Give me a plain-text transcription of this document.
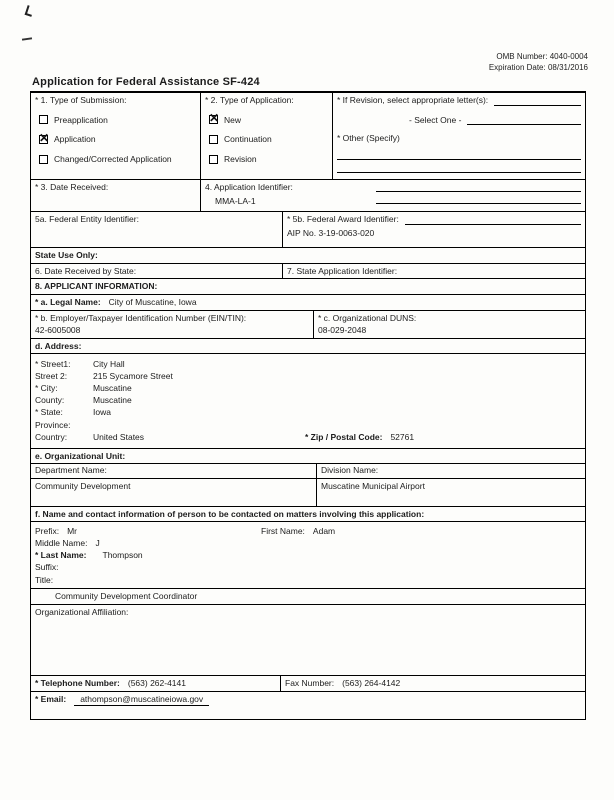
OMB Number: 4040-0004
Expiration Date: 08/31/2016
Application for Federal Assistance SF-424
* 1. Type of Submission:
Preapplication
✕ Application
Changed/Corrected Application
* 2. Type of Application:
✕ New
Continuation
Revision
* If Revision, select appropriate letter(s):
- Select One -
* Other (Specify)
* 3. Date Received:	4. Application Identifier:
MMA-LA-1
5a. Federal Entity Identifier:	* 5b. Federal Award Identifier:
AIP No. 3-19-0063-020
State Use Only:
6. Date Received by State:	7. State Application Identifier:
8. APPLICANT INFORMATION:
* a. Legal Name: City of Muscatine, Iowa
* b. Employer/Taxpayer Identification Number (EIN/TIN):
42-6005008
* c. Organizational DUNS:
08-029-2048
d. Address:
* Street1:	City Hall
Street 2:	215 Sycamore Street
* City:	Muscatine
County:	Muscatine
* State:	Iowa
Province:
Country:	United States	* Zip / Postal Code: 52761
e. Organizational Unit:
Department Name:
Community Development
Division Name:
Muscatine Municipal Airport
f. Name and contact information of person to be contacted on matters involving this application:
Prefix: Mr	First Name: Adam
Middle Name: J
* Last Name: Thompson
Suffix:
Title:
Community Development Coordinator
Organizational Affiliation:
* Telephone Number: (563) 262-4141	Fax Number: (563) 264-4142
* Email:	athompson@muscatineiowa.gov
